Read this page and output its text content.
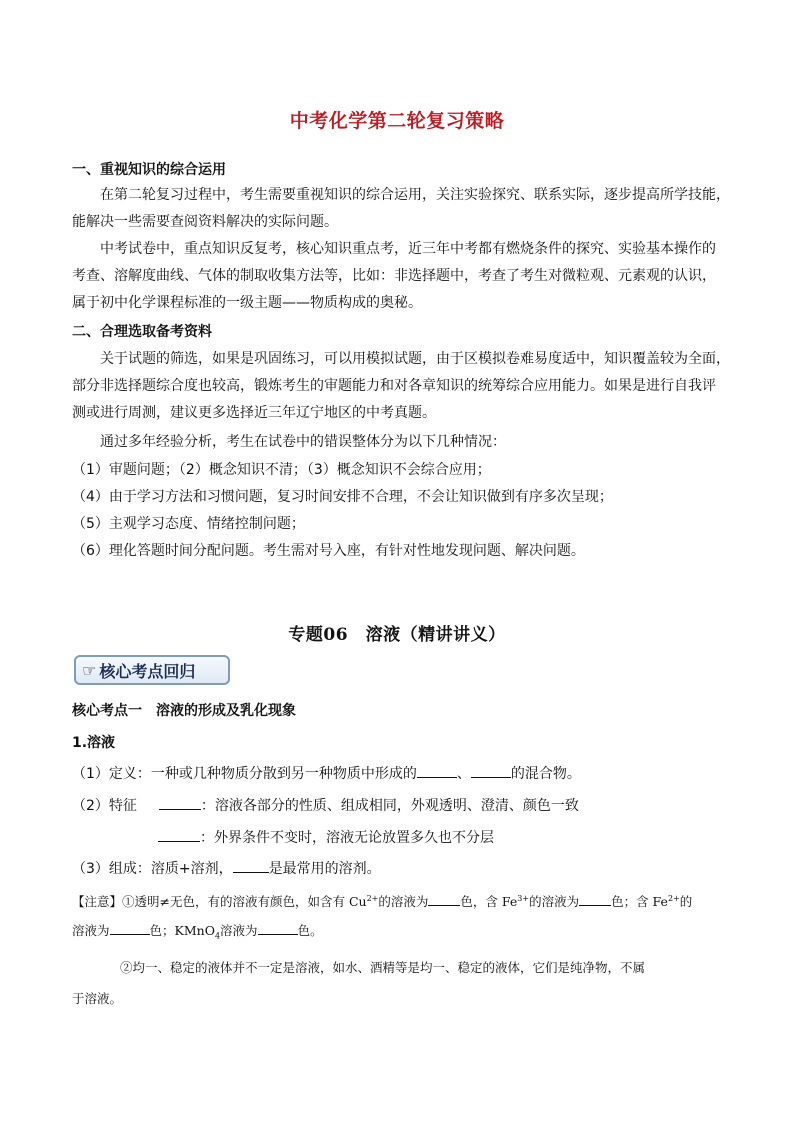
中考化学第二轮复习策略
一、重视知识的综合运用
在第二轮复习过程中，考生需要重视知识的综合运用，关注实验探究、联系实际，逐步提高所学技能，
能解决一些需要查阅资料解决的实际问题。
中考试卷中，重点知识反复考，核心知识重点考，近三年中考都有燃烧条件的探究、实验基本操作的
考查、溶解度曲线、气体的制取收集方法等，比如：非选择题中，考查了考生对微粒观、元素观的认识，
属于初中化学课程标准的一级主题——物质构成的奥秘。
二、合理选取备考资料
关于试题的筛选，如果是巩固练习，可以用模拟试题，由于区模拟卷难易度适中，知识覆盖较为全面，
部分非选择题综合度也较高，锻炼考生的审题能力和对各章知识的统筹综合应用能力。如果是进行自我评
测或进行周测，建议更多选择近三年辽宁地区的中考真题。
通过多年经验分析，考生在试卷中的错误整体分为以下几种情况：
（1）审题问题；（2）概念知识不清；（3）概念知识不会综合应用；
（4）由于学习方法和习惯问题，复习时间安排不合理，不会让知识做到有序多次呈现；
（5）主观学习态度、情绪控制问题；
（6）理化答题时间分配问题。考生需对号入座，有针对性地发现问题、解决问题。
专题06　溶液（精讲讲义）
☞ 核心考点回归
核心考点一 溶液的形成及乳化现象
1.溶液
（1）定义：一种或几种物质分散到另一种物质中形成的	、	的混合物。
（2）特征	：溶液各部分的性质、组成相同，外观透明、澄清、颜色一致
：外界条件不变时，溶液无论放置多久也不分层
（3）组成：溶质+溶剂，	是最常用的溶剂。
【注意】①透明≠无色，有的溶液有颜色，如含有 $Cu^{2+}$的溶液为	色，含 $Fe^{3+}$的溶液为	色；含 $Fe^{2+}$的
溶液为	色；KMnO$_4$溶液为	色。
②均一、稳定的液体并不一定是溶液，如水、酒精等是均一、稳定的液体，它们是纯净物，不属
于溶液。
